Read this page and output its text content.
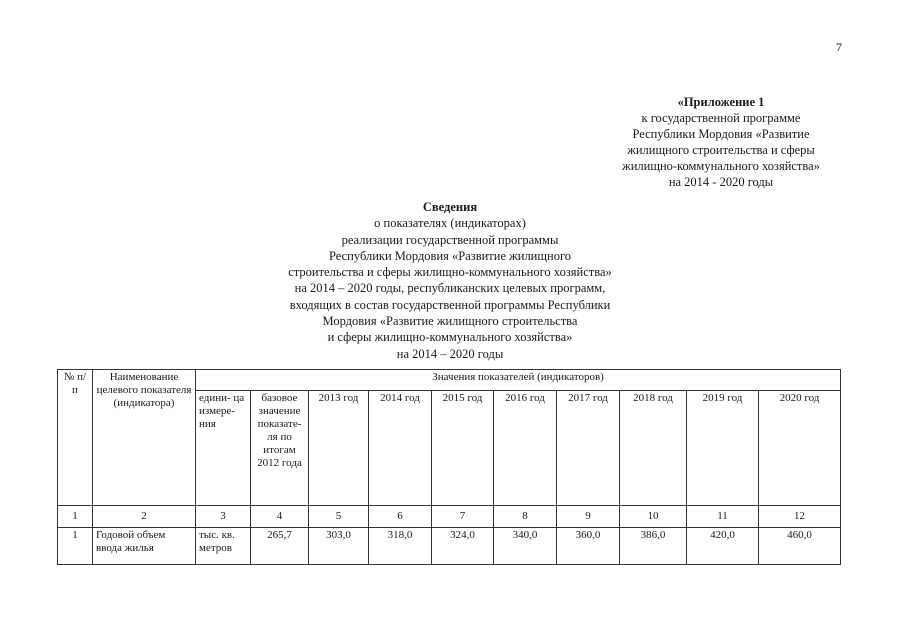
7
«Приложение 1
к государственной программе
Республики Мордовия «Развитие
жилищного строительства и сферы
жилищно-коммунального хозяйства»
на 2014 - 2020 годы
Сведения
о показателях (индикаторах)
реализации государственной программы
Республики Мордовия «Развитие жилищного
строительства и сферы жилищно-коммунального хозяйства»
на 2014 – 2020 годы, республиканских целевых программ,
входящих в состав государственной программы Республики
Мордовия «Развитие жилищного строительства
и сферы жилищно-коммунального хозяйства»
на 2014 – 2020 годы
№ п/п	Наименование целевого показателя (индикатора)	Значения показателей (индикаторов)									
		едини- ца измере- ния	базовое значение показате- ля по итогам 2012 года	2013 год	2014 год	2015 год	2016 год	2017 год	2018 год	2019 год	2020 год
1	2	3	4	5	6	7	8	9	10	11	12
1	Годовой объем ввода жилья	тыс. кв. метров	265,7	303,0	318,0	324,0	340,0	360,0	386,0	420,0	460,0
